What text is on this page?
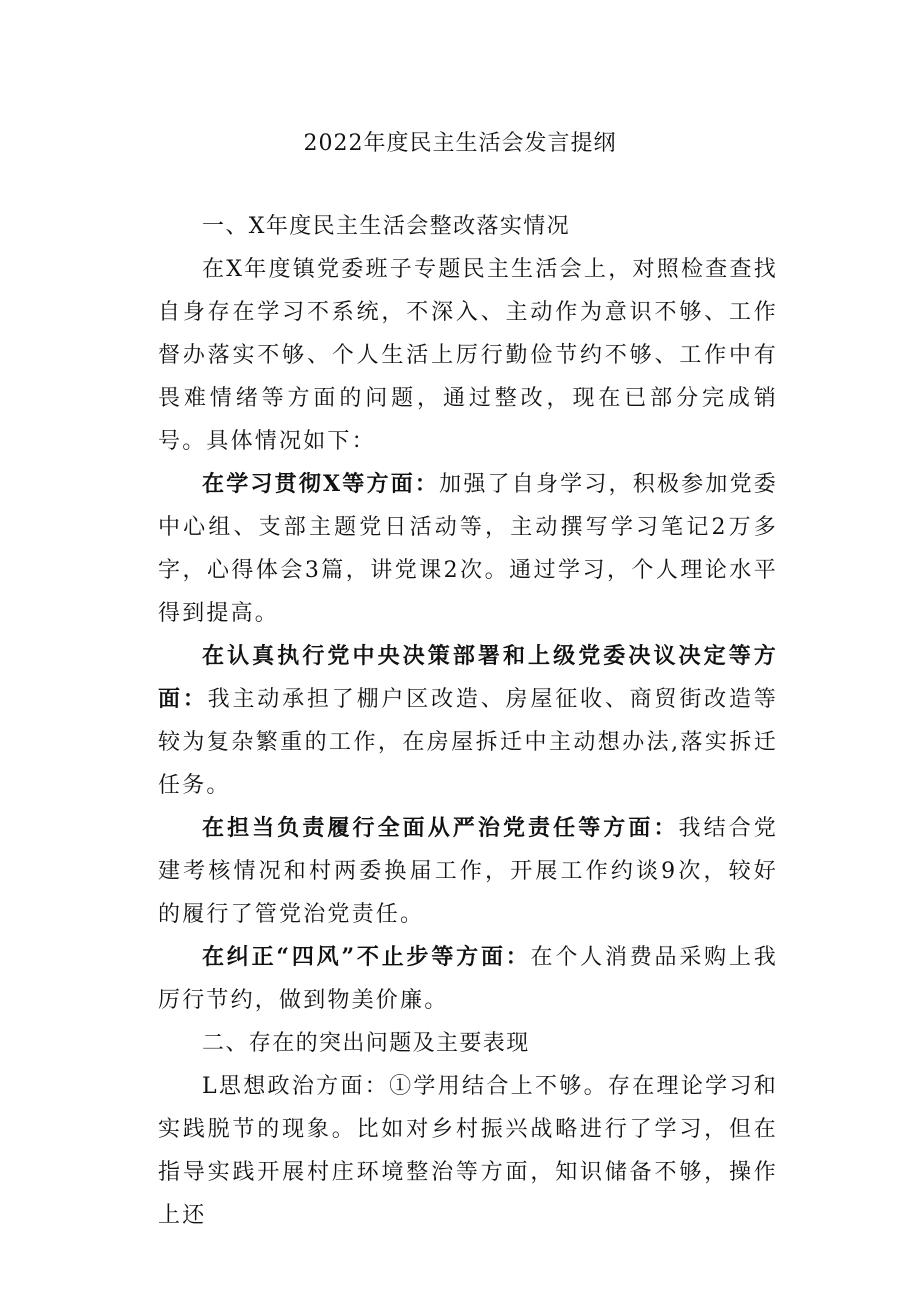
2022年度民主生活会发言提纲

一、X年度民主生活会整改落实情况

在X年度镇党委班子专题民主生活会上，对照检查查找自身存在学习不系统，不深入、主动作为意识不够、工作督办落实不够、个人生活上厉行勤俭节约不够、工作中有畏难情绪等方面的问题，通过整改，现在已部分完成销号。具体情况如下：

在学习贯彻X等方面：加强了自身学习，积极参加党委中心组、支部主题党日活动等，主动撰写学习笔记2万多字，心得体会3篇，讲党课2次。通过学习，个人理论水平得到提高。

在认真执行党中央决策部署和上级党委决议决定等方面：我主动承担了棚户区改造、房屋征收、商贸街改造等较为复杂繁重的工作，在房屋拆迁中主动想办法,落实拆迁任务。

在担当负责履行全面从严治党责任等方面：我结合党建考核情况和村两委换届工作，开展工作约谈9次，较好的履行了管党治党责任。

在纠正“四风”不止步等方面：在个人消费品采购上我厉行节约，做到物美价廉。

二、存在的突出问题及主要表现

L思想政治方面：①学用结合上不够。存在理论学习和实践脱节的现象。比如对乡村振兴战略进行了学习，但在指导实践开展村庄环境整治等方面，知识储备不够，操作上还
